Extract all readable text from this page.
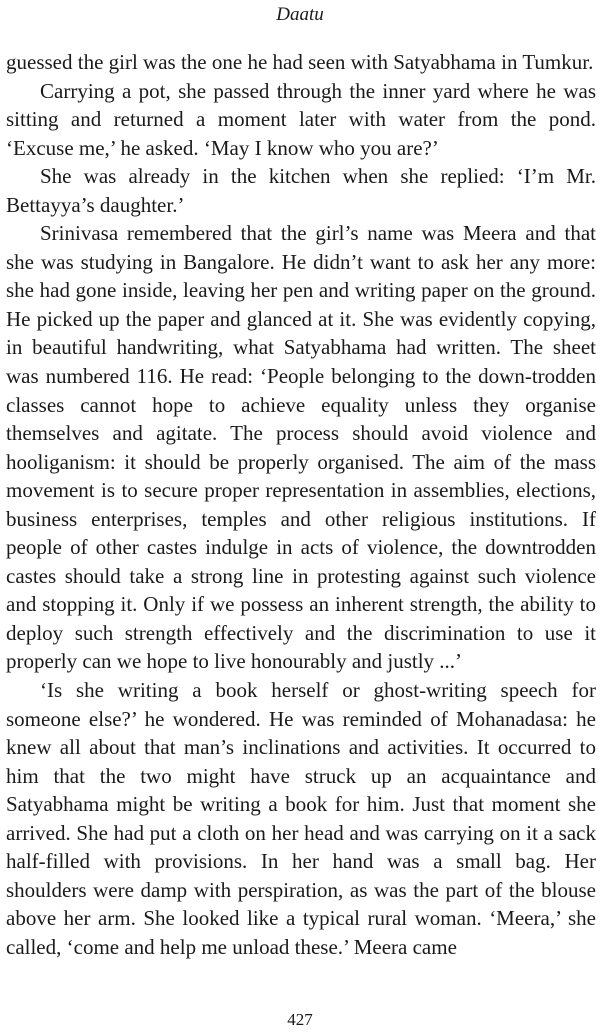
Daatu

guessed the girl was the one he had seen with Satyabhama in Tumkur.

Carrying a pot, she passed through the inner yard where he was sitting and returned a moment later with water from the pond. ‘Excuse me,’ he asked. ‘May I know who you are?’

She was already in the kitchen when she replied: ‘I’m Mr. Bettayya’s daughter.’

Srinivasa remembered that the girl’s name was Meera and that she was studying in Bangalore. He didn’t want to ask her any more: she had gone inside, leaving her pen and writing paper on the ground. He picked up the paper and glanced at it. She was evidently copying, in beautiful handwriting, what Satyabhama had written. The sheet was numbered 116. He read: ‘People belonging to the down-trodden classes cannot hope to achieve equality unless they organise themselves and agitate. The process should avoid violence and hooliganism: it should be properly organised. The aim of the mass movement is to secure proper representation in assemblies, elections, business enterprises, temples and other religious institutions. If people of other castes indulge in acts of violence, the downtrodden castes should take a strong line in protesting against such violence and stopping it. Only if we possess an inherent strength, the ability to deploy such strength effectively and the discrimination to use it properly can we hope to live honourably and justly ...’

‘Is she writing a book herself or ghost-writing speech for someone else?’ he wondered. He was reminded of Mohanadasa: he knew all about that man’s inclinations and activities. It occurred to him that the two might have struck up an acquaintance and Satyabhama might be writing a book for him. Just that moment she arrived. She had put a cloth on her head and was carrying on it a sack half-filled with provisions. In her hand was a small bag. Her shoulders were damp with perspiration, as was the part of the blouse above her arm. She looked like a typical rural woman. ‘Meera,’ she called, ‘come and help me unload these.’ Meera came

427
